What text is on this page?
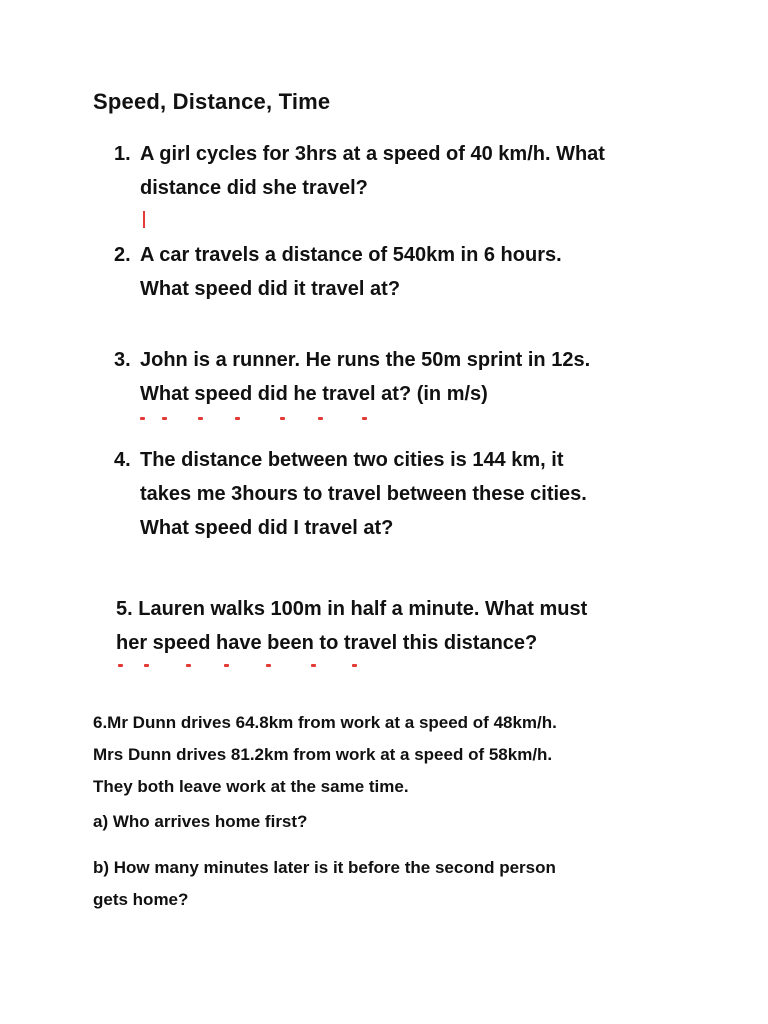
Speed, Distance, Time
1. A girl cycles for 3hrs at a speed of 40 km/h. What
distance did she travel?
2. A car travels a distance of 540km in 6 hours.
What speed did it travel at?
3. John is a runner. He runs the 50m sprint in 12s.
What speed did he travel at? (in m/s)
4. The distance between two cities is 144 km, it
takes me 3hours to travel between these cities.
What speed did I travel at?
5. Lauren walks 100m in half a minute. What must
her speed have been to travel this distance?
6.Mr Dunn drives 64.8km from work at a speed of 48km/h.
Mrs Dunn drives 81.2km from work at a speed of 58km/h.
They both leave work at the same time.
a) Who arrives home first?
b) How many minutes later is it before the second person
gets home?
